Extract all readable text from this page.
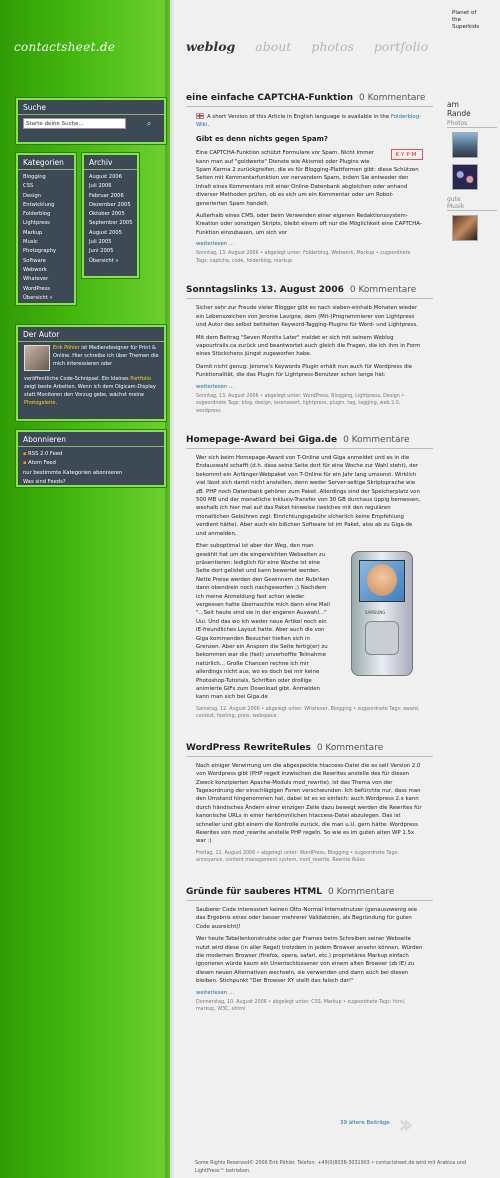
contactsheet.de	weblog about photos portfolio
Planet of
the
Superkids
Suche
Starte deine Suche...	⌕
Kategorien
Blogging
CSS
Design
Entwicklung
Folderblog
Lightpress
Markup
Music
Photography
Software
Webwork
Whatever
WordPress
Übersicht »
Archiv
August 2006
Juli 2006
Februar 2006
Dezember 2005
Oktober 2005
September 2005
August 2005
Juli 2005
Juni 2005
Übersicht »
Der Autor
Erik Pöhler ist Mediendesigner für Print & Online. Hier schreibe ich über Themen die mich interessieren oder
veröffentliche Code-Schnipsel. Ein kleines Portfolio zeigt beste Arbeiten. Wenn ich dem Digicam-Display statt Monitoren den Vorzug gebe, wächst meine Photogalerie.
Abonnieren
▪ RSS 2.0 Feed
▪ Atom Feed
nur bestimmte Kategorien abonnieren
Was sind Feeds?
eine einfache CAPTCHA-Funktion 0 Kommentare

A short Version of this Article in English language is available in the Folderblog-Wiki.

Gibt es denn nichts gegen Spam?
KYPM

Eine CAPTCHA-Funktion schützt Formulare vor Spam. Nicht immer kann man auf "goldwerte" Dienste wie Akismet oder Plugins wie Spam Karma 2 zurückgreifen, die es für Blogging-Plattformen gibt: diese Schützen Seiten mit Kommentarfunktion vor nervendem Spam, indem Sie entweder den Inhalt eines Kommentars mit einer Online-Datenbank abgleichen oder anhand diverser Methoden prüfen, ob es sich um ein Kommentar oder um Robot-generierten Spam handelt.

Außerhalb eines CMS, oder beim Verwenden einer eigenen Redaktionssystem-Kreation oder sonstigen Skripts, bleibt einem oft nur die Möglichkeit eine CAPTCHA-Funktion einzubauen, um sich vor

weiterlesen ...
Sonntag, 13. August 2006 • abgelegt unter: Folderblog, Webwork, Markup • zugeordnete Tags: captcha, code, folderblog, markup
Sonntagslinks 13. August 2006 0 Kommentare

Sicher sehr zur Freude vieler Blogger gibt es nach sieben-einhalb Monaten wieder ein Lebenszeichen von Jerome Lavigne, dem (Mit-)Programmierer von Lightpress und Autor des selbst betitelten Keyword-Tagging-Plugins für Word- und Lightpress.

Mit dem Beitrag "Seven Months Later" meldet er sich mit seinem Weblog vapourtrails.ca zurück und beantwortet auch gleich die Fragen, die ich ihm in Form eines Stöckchens jüngst zugeworfen habe.

Damit nicht genug: Jerome's Keywords Plugin erhält nun auch für Wordpress die Funktionalität, die das Plugin für Lightpress-Benutzer schon lange hat:

weiterlesen ...
Sonntag, 13. August 2006 • abgelegt unter: WordPress, Blogging, Lightpress, Design • zugeordnete Tags: blog, design, lesenswert, lightpress, plugin, tag, tagging, web 2.0, wordpress
Homepage-Award bei Giga.de 0 Kommentare

Wer sich beim Homepage-Award von T-Online und Giga anmeldet und es in die Endauswahl schafft (d.h. dass seine Seite dort für eine Woche zur Wahl steht), der bekommt ein Anfänger-Webpaket von T-Online für ein Jahr lang umsonst. Wirklich viel lässt sich damit nicht anstellen, denn weder Server-seitige Skriptsprache wie zB. PHP noch Datenbank gehören zum Paket. Allerdings sind der Speicherplatz von 500 MB und der monatliche Inklusiv-Transfer von 30 GB durchaus üppig bemessen, weshalb ich hier mal auf das Paket hinweise (welches mit den regulären monatlichen Gebühren zzgl. Einrichtungsgebühr sicherlich keine Empfehlung verdient hätte). Aber auch ein bißchen Software ist im Paket, also ab zu Giga.de und anmelden.

SAMSUNG

Eher suboptimal ist aber der Weg, den man gewählt hat um die eingereichten Webseiten zu präsentieren: lediglich für eine Woche ist eine Seite dort gelistet und kann bewertet werden. Nette Preise werden den Gewinnern der Rubriken dann obendrein noch nachgeworfen ;) Nachdem ich meine Anmeldung fast schon wieder vergessen hatte überraschte mich dann eine Mail "...Seit heute sind sie in der engeren Auswahl..." Uui. Und das wo ich weder neue Artikel noch ein IE-freundliches Layout hatte. Aber auch die von Giga kommenden Besucher hielten sich in Grenzen. Aber ein Ansporn die Seite fertig(er) zu bekommen war die (fast) unverhoffte Teilnahme natürlich... Große Chancen rechne ich mir allerdings nicht aus, wo es doch bei mir keine Photoshop-Tutorials, Schriften oder drollige animierte GIFs zum Download gibt. Anmelden kann man sich bei Giga.de

Samstag, 12. August 2006 • abgelegt unter: Whatever, Blogging • zugeordnete Tags: award, contest, hosting, preis, webspace
WordPress RewriteRules 0 Kommentare

Nach einiger Verwirrung um die abgespeckte htaccess-Datei die es seit Version 2.0 von Wordpress gibt (PHP regelt inzwischen die Rewrites anstelle des für diesen Zweck konzipierten Apache-Moduls mod_rewrite), ist das Thema von der Tagesordnung der einschlägigen Foren verschwunden. Ich befürchte nur, dass man den Umstand hingenommen hat, dabei ist es so einfach: auch Wordpress 2.x kann durch händisches Ändern einer einzigen Zeile dazu bewegt werden die Rewrites für kanonische URLs in einer herkömmlichen htaccess-Datei abzulegen. Das ist schneller und gibt einem die Kontrolle zurück, die man u.U. gern hätte: Wordpress Rewrites von mod_rewrite anstelle PHP regeln. So wie es im guten alten WP 1.5x war :)

Freitag, 11. August 2006 • abgelegt unter: WordPress, Blogging • zugeordnete Tags: annoyance, content management system, mod_rewrite, Rewrite Rules
Gründe für sauberes HTML 0 Kommentare

Sauberer Code interessiert keinen Otto-Normal Internetnutzer (genausowenig wie das Ergebnis eines oder besser mehrerer Validatoren, als Begründung für guten Code ausreicht)!

Wer heute Tabellenkonstrukte oder gar Frames beim Schreiben seiner Webseite nutzt wird diese (in aller Regel) trotzdem in jedem Browser ansehn können. Würden die modernen Browser (firefox, opera, safari, etc.) proprietäres Markup einfach ignorieren würde kaum ein Unentschlossener von einem alten Browser (zb IE) zu diesen neuen Alternativen wechseln, sie verwenden und dann auch bei diesen bleiben. Stichpunkt "Der Browser XY stellt das falsch dar!"

weiterlesen ...
Donnerstag, 10. August 2006 • abgelegt unter: CSS, Markup • zugeordnete Tags: html, markup, W3C, xhtml
39 ältere Beiträge ››
Some Rights Reserved© 2006 Erik Pöhler. Telefon: +49(0)8036-3031903 • contactsheet.de wird mit Arabica und LightPress™ betrieben.
am
Rande
Photos
gute
Musik
